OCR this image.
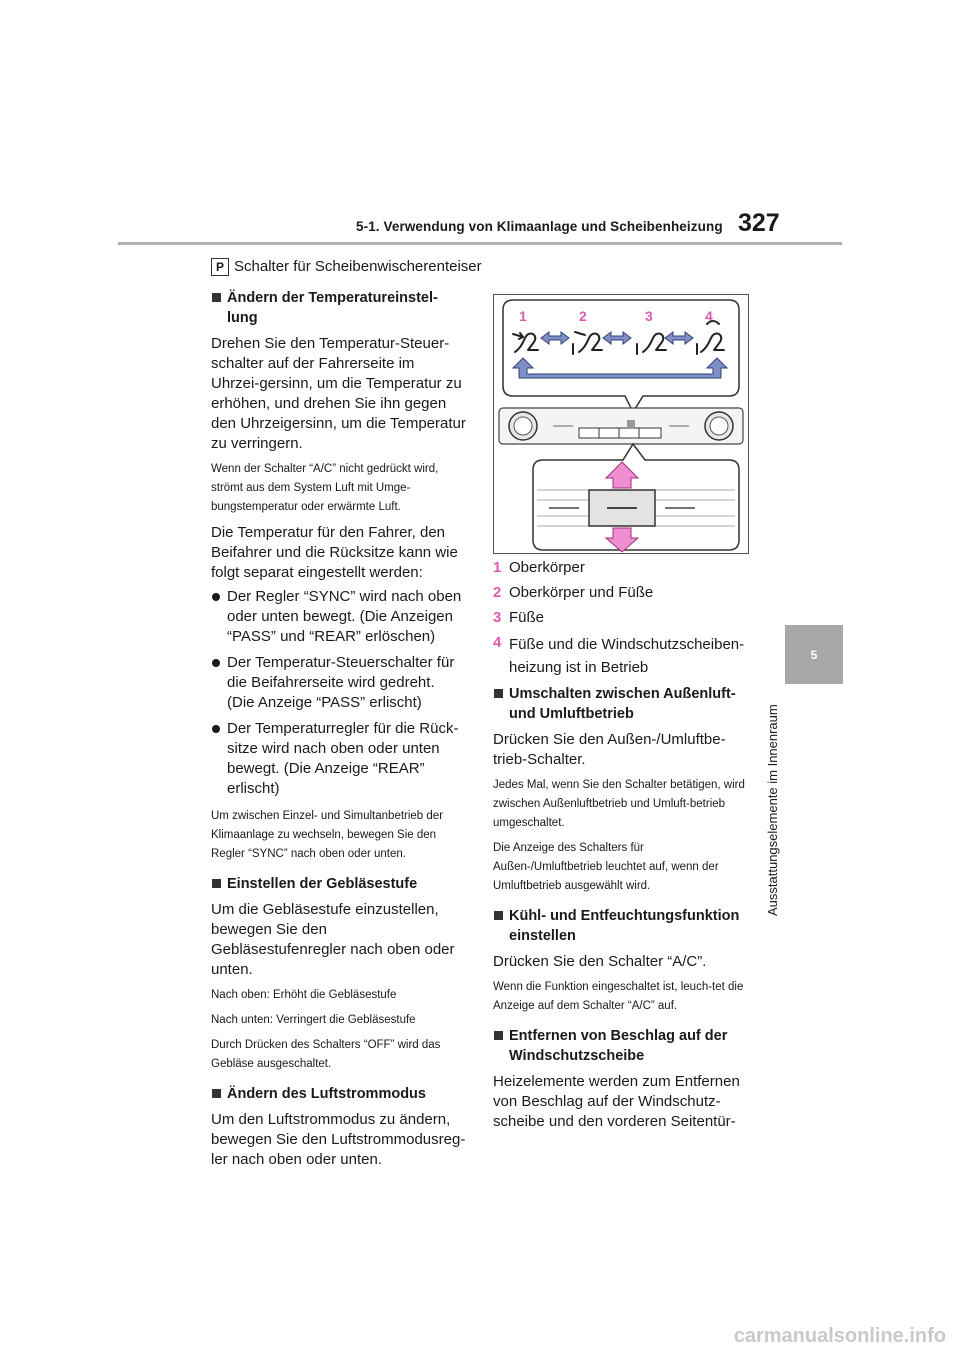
5-1. Verwendung von Klimaanlage und Scheibenheizung 327
5
Ausstattungselemente im Innenraum
P Schalter für Scheibenwischerenteiser
Ändern der Temperatureinstel-lung

Drehen Sie den Temperatur-Steuer-schalter auf der Fahrerseite im Uhrzei-gersinn, um die Temperatur zu erhöhen, und drehen Sie ihn gegen den Uhrzeigersinn, um die Temperatur zu verringern.

Wenn der Schalter “A/C” nicht gedrückt wird, strömt aus dem System Luft mit Umge-bungstemperatur oder erwärmte Luft.

Die Temperatur für den Fahrer, den Beifahrer und die Rücksitze kann wie folgt separat eingestellt werden:

Der Regler “SYNC” wird nach oben oder unten bewegt. (Die Anzeigen “PASS” und “REAR” erlöschen)
Der Temperatur-Steuerschalter für die Beifahrerseite wird gedreht. (Die Anzeige “PASS” erlischt)
Der Temperaturregler für die Rück-sitze wird nach oben oder unten bewegt. (Die Anzeige “REAR” erlischt)

Um zwischen Einzel- und Simultanbetrieb der Klimaanlage zu wechseln, bewegen Sie den Regler “SYNC” nach oben oder unten.

Einstellen der Gebläsestufe

Um die Gebläsestufe einzustellen, bewegen Sie den Gebläsestufenregler nach oben oder unten.

Nach oben: Erhöht die Gebläsestufe

Nach unten: Verringert die Gebläsestufe

Durch Drücken des Schalters “OFF” wird das Gebläse ausgeschaltet.

Ändern des Luftstrommodus

Um den Luftstrommodus zu ändern, bewegen Sie den Luftstrommodusreg-ler nach oben oder unten.

1	2	3	4
1 Oberkörper
2 Oberkörper und Füße
3 Füße
4 Füße und die Windschutzscheiben-heizung ist in Betrieb
Umschalten zwischen Außenluft- und Umluftbetrieb

Drücken Sie den Außen-/Umluftbe-trieb-Schalter.

Jedes Mal, wenn Sie den Schalter betätigen, wird zwischen Außenluftbetrieb und Umluft-betrieb umgeschaltet.

Die Anzeige des Schalters für Außen-/Umluftbetrieb leuchtet auf, wenn der Umluftbetrieb ausgewählt wird.

Kühl- und Entfeuchtungsfunktion einstellen

Drücken Sie den Schalter “A/C”.

Wenn die Funktion eingeschaltet ist, leuch-tet die Anzeige auf dem Schalter “A/C” auf.

Entfernen von Beschlag auf der Windschutzscheibe

Heizelemente werden zum Entfernen von Beschlag auf der Windschutz-scheibe und den vorderen Seitentür-

carmanualsonline.info
